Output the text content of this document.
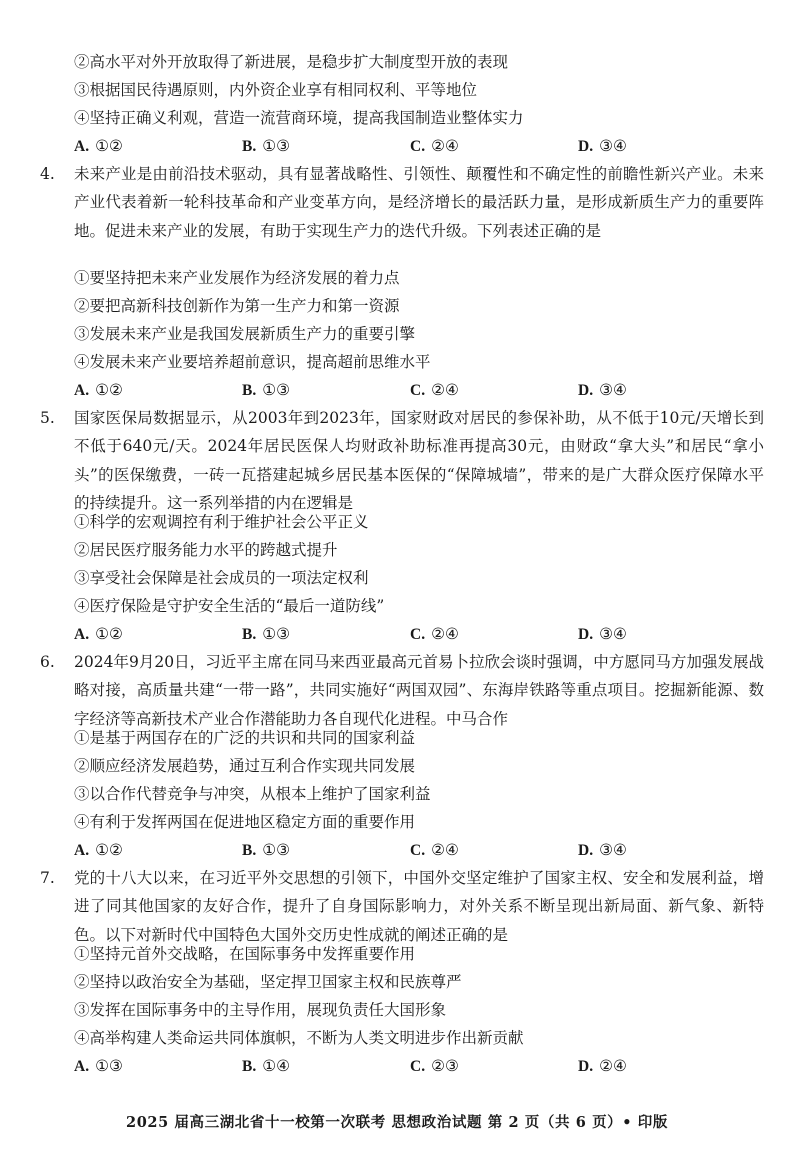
②高水平对外开放取得了新进展，是稳步扩大制度型开放的表现
③根据国民待遇原则，内外资企业享有相同权利、平等地位
④坚持正确义利观，营造一流营商环境，提高我国制造业整体实力
A. ①②	B. ①③	C. ②④	D. ③④
4. 未来产业是由前沿技术驱动，具有显著战略性、引领性、颠覆性和不确定性的前瞻性新兴产业。未来产业代表着新一轮科技革命和产业变革方向，是经济增长的最活跃力量，是形成新质生产力的重要阵地。促进未来产业的发展，有助于实现生产力的迭代升级。下列表述正确的是
①要坚持把未来产业发展作为经济发展的着力点
②要把高新科技创新作为第一生产力和第一资源
③发展未来产业是我国发展新质生产力的重要引擎
④发展未来产业要培养超前意识，提高超前思维水平
A. ①②	B. ①③	C. ②④	D. ③④
5. 国家医保局数据显示，从2003年到2023年，国家财政对居民的参保补助，从不低于10元/天增长到不低于640元/天。2024年居民医保人均财政补助标准再提高30元，由财政“拿大头”和居民“拿小头”的医保缴费，一砖一瓦搭建起城乡居民基本医保的“保障城墙”，带来的是广大群众医疗保障水平的持续提升。这一系列举措的内在逻辑是
①科学的宏观调控有利于维护社会公平正义
②居民医疗服务能力水平的跨越式提升
③享受社会保障是社会成员的一项法定权利
④医疗保险是守护安全生活的“最后一道防线”
A. ①②	B. ①③	C. ②④	D. ③④
6. 2024年9月20日，习近平主席在同马来西亚最高元首易卜拉欣会谈时强调，中方愿同马方加强发展战略对接，高质量共建“一带一路”，共同实施好“两国双园”、东海岸铁路等重点项目。挖掘新能源、数字经济等高新技术产业合作潜能助力各自现代化进程。中马合作
①是基于两国存在的广泛的共识和共同的国家利益
②顺应经济发展趋势，通过互利合作实现共同发展
③以合作代替竞争与冲突，从根本上维护了国家利益
④有利于发挥两国在促进地区稳定方面的重要作用
A. ①②	B. ①③	C. ②④	D. ③④
7. 党的十八大以来，在习近平外交思想的引领下，中国外交坚定维护了国家主权、安全和发展利益，增进了同其他国家的友好合作，提升了自身国际影响力，对外关系不断呈现出新局面、新气象、新特色。以下对新时代中国特色大国外交历史性成就的阐述正确的是
①坚持元首外交战略，在国际事务中发挥重要作用
②坚持以政治安全为基础，坚定捍卫国家主权和民族尊严
③发挥在国际事务中的主导作用，展现负责任大国形象
④高举构建人类命运共同体旗帜，不断为人类文明进步作出新贡献
A. ①③	B. ①④	C. ②③	D. ②④
2025 届高三湖北省十一校第一次联考 思想政治试题 第 2 页（共 6 页）• 印版
